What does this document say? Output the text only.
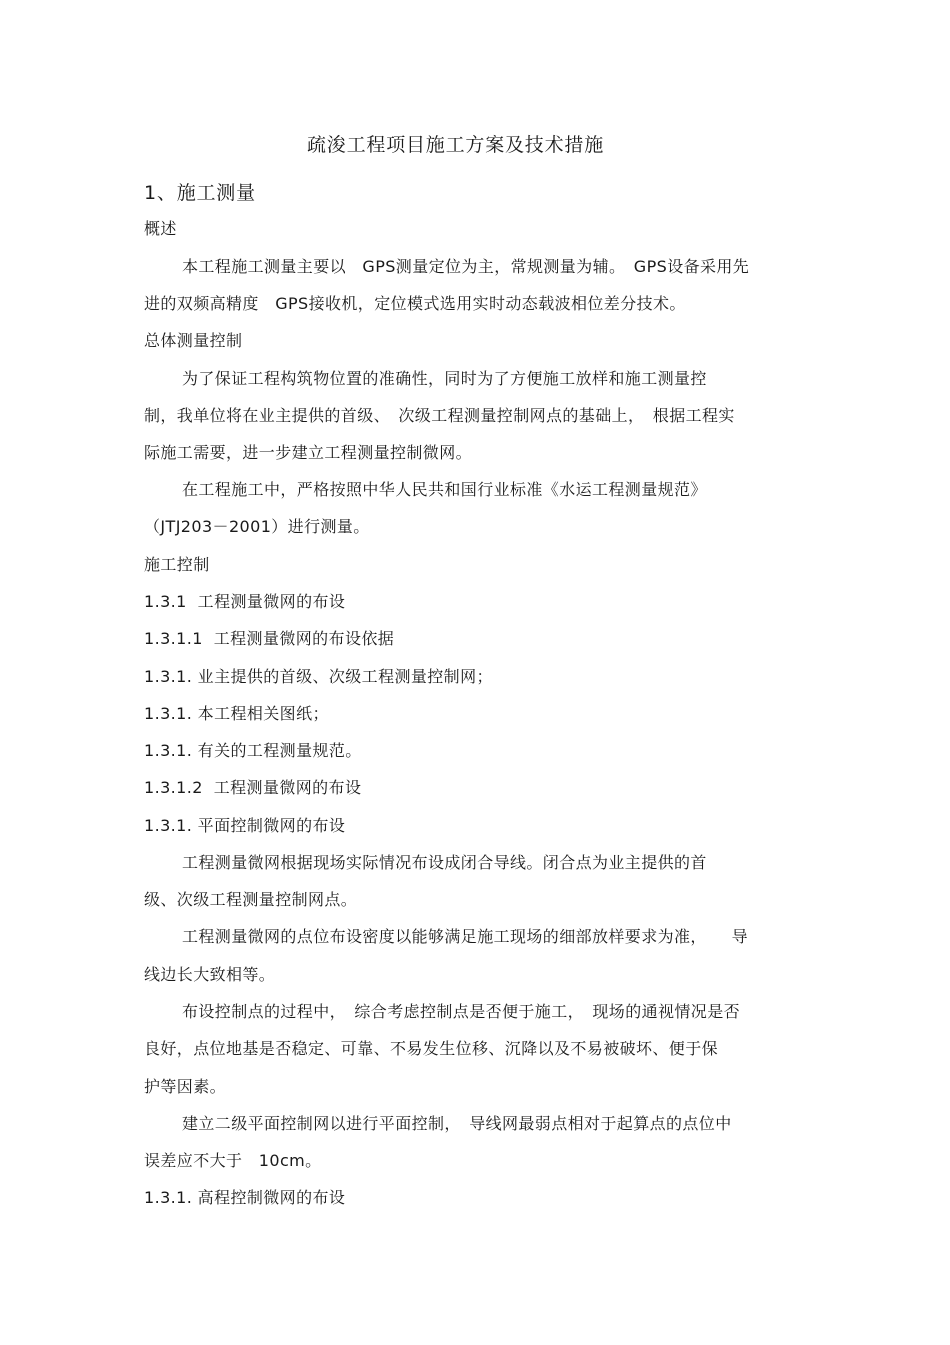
疏浚工程项目施工方案及技术措施
1、施工测量
概述
本工程施工测量主要以　GPS测量定位为主，常规测量为辅。　GPS设备采用先
进的双频高精度　GPS接收机，定位模式选用实时动态载波相位差分技术。
总体测量控制
为了保证工程构筑物位置的准确性，同时为了方便施工放样和施工测量控
制，我单位将在业主提供的首级、　次级工程测量控制网点的基础上，　根据工程实
际施工需要，进一步建立工程测量控制微网。
在工程施工中，严格按照中华人民共和国行业标准《水运工程测量规范》
（JTJ203－2001）进行测量。
施工控制
1.3.1  工程测量微网的布设
1.3.1.1  工程测量微网的布设依据
1.3.1. 业主提供的首级、次级工程测量控制网；
1.3.1. 本工程相关图纸；
1.3.1. 有关的工程测量规范。
1.3.1.2  工程测量微网的布设
1.3.1. 平面控制微网的布设
工程测量微网根据现场实际情况布设成闭合导线。闭合点为业主提供的首
级、次级工程测量控制网点。
工程测量微网的点位布设密度以能够满足施工现场的细部放样要求为准，　　导
线边长大致相等。
布设控制点的过程中，　综合考虑控制点是否便于施工，　现场的通视情况是否
良好，点位地基是否稳定、可靠、不易发生位移、沉降以及不易被破坏、便于保
护等因素。
建立二级平面控制网以进行平面控制，　导线网最弱点相对于起算点的点位中
误差应不大于　10cm。
1.3.1. 高程控制微网的布设
